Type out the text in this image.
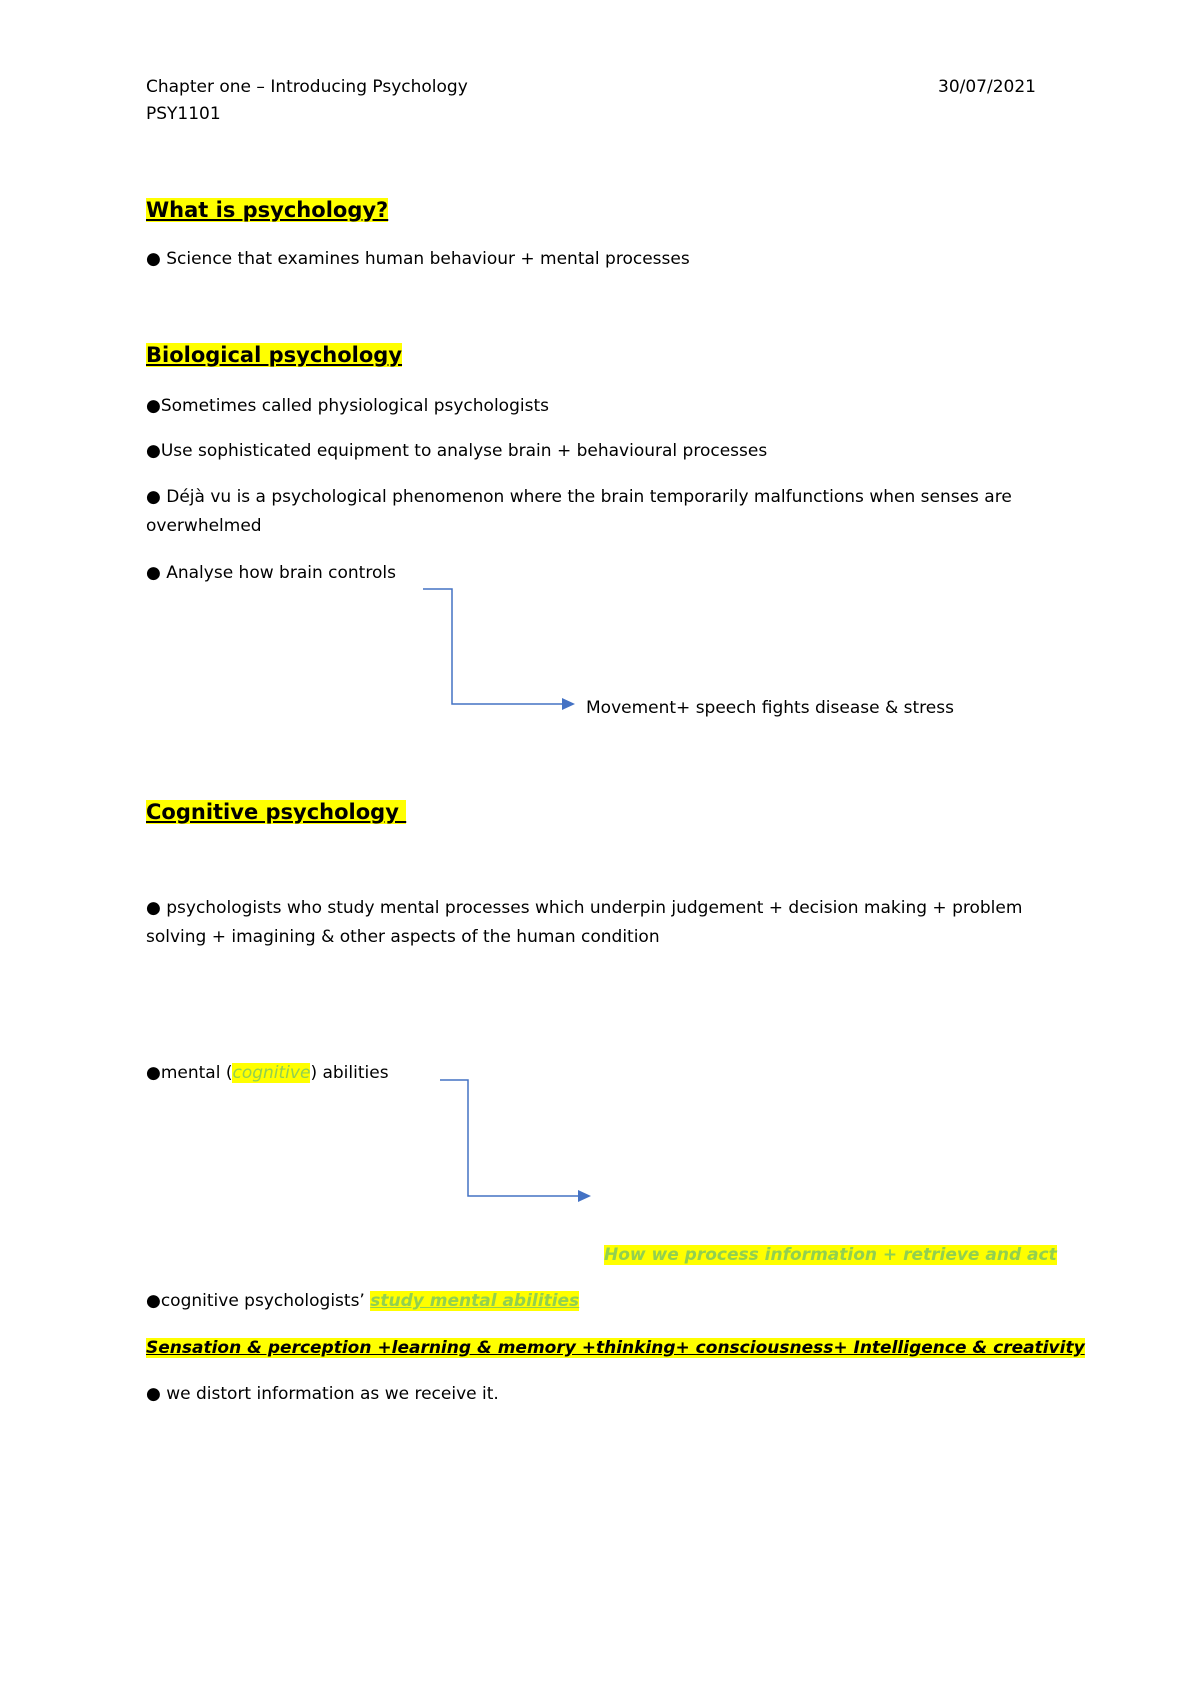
Chapter one – Introducing Psychology
PSY1101
30/07/2021
What is psychology?
● Science that examines human behaviour + mental processes
Biological psychology
●Sometimes called physiological psychologists
●Use sophisticated equipment to analyse brain + behavioural processes
● Déjà vu is a psychological phenomenon where the brain temporarily malfunctions when senses are
overwhelmed
● Analyse how brain controls
Movement+ speech fights disease & stress
Cognitive psychology
● psychologists who study mental processes which underpin judgement + decision making + problem
solving + imagining & other aspects of the human condition
●mental (cognitive) abilities
How we process information + retrieve and act
●cognitive psychologists’ study mental abilities
Sensation & perception +learning & memory +thinking+ consciousness+ Intelligence & creativity
● we distort information as we receive it.
